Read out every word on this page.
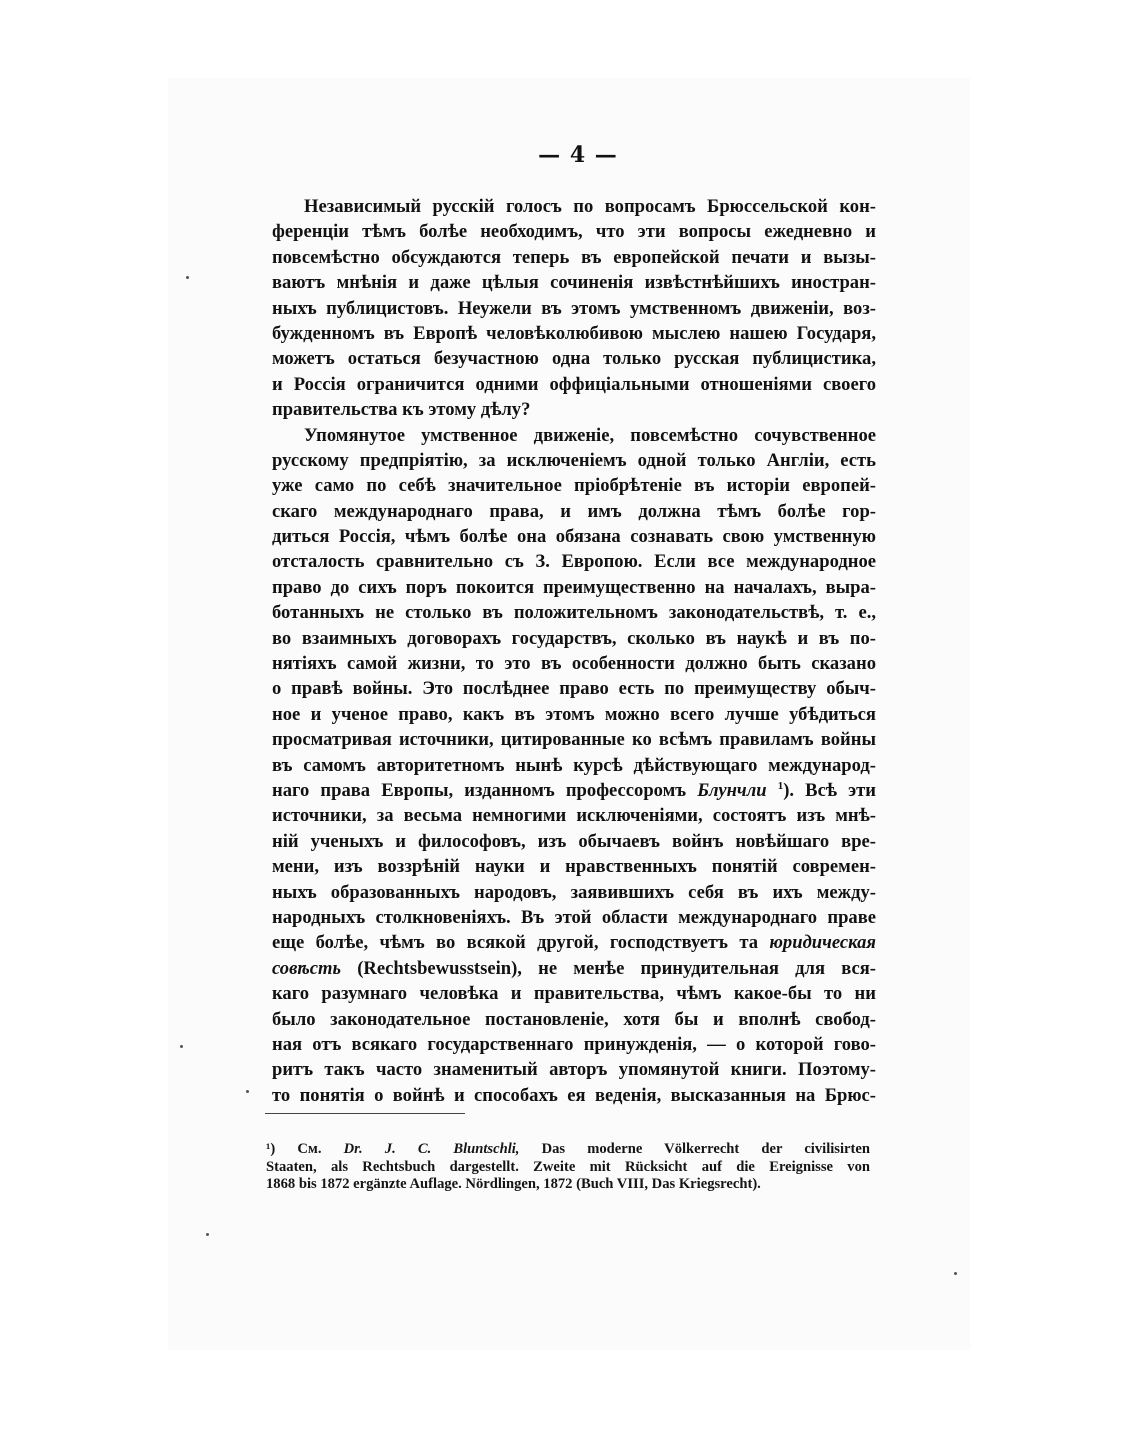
— 4 —
Независимый русскій голосъ по вопросамъ Брюссельской кон-
ференціи тѣмъ болѣе необходимъ, что эти вопросы ежедневно и
повсемѣстно обсуждаются теперь въ европейской печати и вызы-
ваютъ мнѣнія и даже цѣлыя сочиненія извѣстнѣйшихъ иностран-
ныхъ публицистовъ. Неужели въ этомъ умственномъ движеніи, воз-
бужденномъ въ Европѣ человѣколюбивою мыслею нашею Государя,
можетъ остаться безучастною одна только русская публицистика,
и Россія ограничится одними оффиціальными отношеніями своего
правительства къ этому дѣлу?
Упомянутое умственное движеніе, повсемѣстно сочувственное
русскому предпріятію, за исключеніемъ одной только Англіи, есть
уже само по себѣ значительное пріобрѣтеніе въ исторіи европей-
скаго международнаго права, и имъ должна тѣмъ болѣе гор-
диться Россія, чѣмъ болѣе она обязана сознавать свою умственную
отсталость сравнительно съ З. Европою. Если все международное
право до сихъ поръ покоится преимущественно на началахъ, выра-
ботанныхъ не столько въ положительномъ законодательствѣ, т. е.,
во взаимныхъ договорахъ государствъ, сколько въ наукѣ и въ по-
нятіяхъ самой жизни, то это въ особенности должно быть сказано
о правѣ войны. Это послѣднее право есть по преимуществу обыч-
ное и ученое право, какъ въ этомъ можно всего лучше убѣдиться
просматривая источники, цитированные ко всѣмъ правиламъ войны
въ самомъ авторитетномъ нынѣ курсѣ дѣйствующаго международ-
наго права Европы, изданномъ профессоромъ Блунчли $^1$). Всѣ эти
источники, за весьма немногими исключеніями, состоятъ изъ мнѣ-
ній ученыхъ и философовъ, изъ обычаевъ войнъ новѣйшаго вре-
мени, изъ воззрѣній науки и нравственныхъ понятій современ-
ныхъ образованныхъ народовъ, заявившихъ себя въ ихъ между-
народныхъ столкновеніяхъ. Въ этой области международнаго праве
еще болѣе, чѣмъ во всякой другой, господствуетъ та юридическая
совѣсть (Rechtsbewusstsein), не менѣе принудительная для вся-
каго разумнаго человѣка и правительства, чѣмъ какое-бы то ни
было законодательное постановленіе, хотя бы и вполнѣ свобод-
ная отъ всякаго государственнаго принужденія, — о которой гово-
ритъ такъ часто знаменитый авторъ упомянутой книги. Поэтому-
то понятія о войнѣ и способахъ ея веденія, высказанныя на Брюс-
¹) См. Dr. J. C. Bluntschli, Das moderne Völkerrecht der civilisirten
Staaten, als Rechtsbuch dargestellt. Zweite mit Rücksicht auf die Ereignisse von
1868 bis 1872 ergänzte Auflage. Nördlingen, 1872 (Buch VIII, Das Kriegsrecht).
